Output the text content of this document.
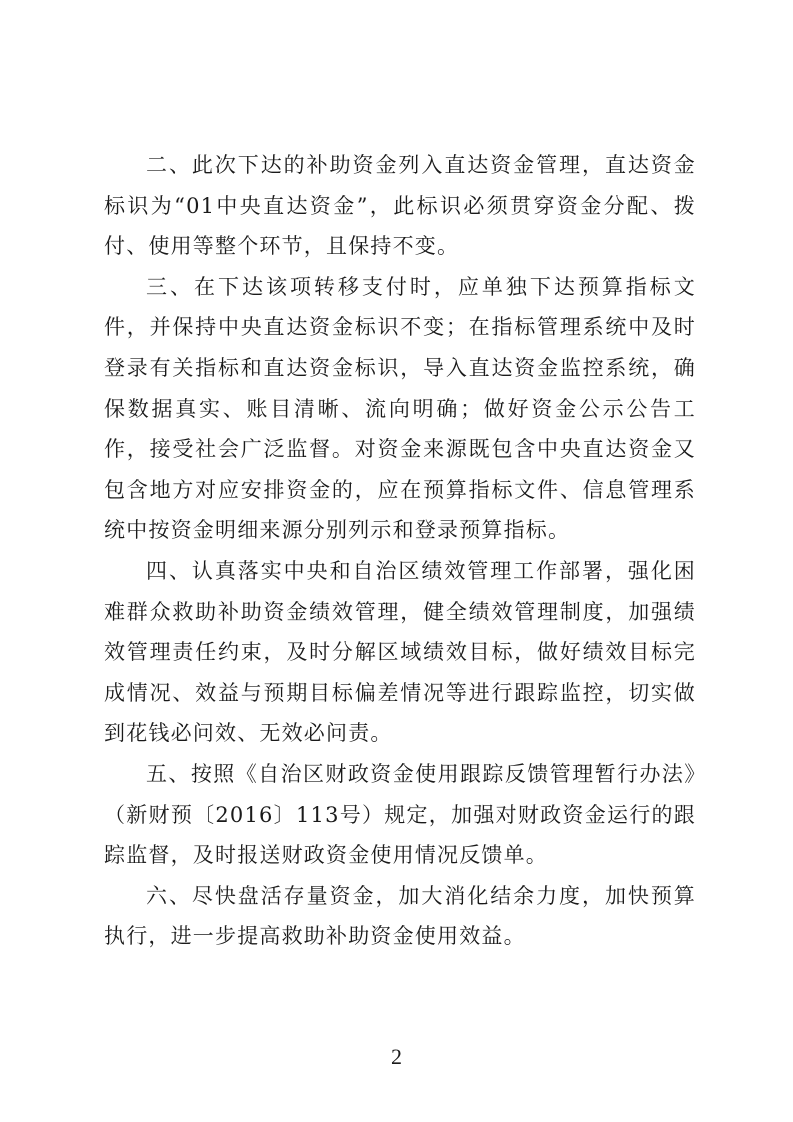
二、此次下达的补助资金列入直达资金管理，直达资金标识为“01中央直达资金”，此标识必须贯穿资金分配、拨付、使用等整个环节，且保持不变。

三、在下达该项转移支付时，应单独下达预算指标文件，并保持中央直达资金标识不变；在指标管理系统中及时登录有关指标和直达资金标识，导入直达资金监控系统，确保数据真实、账目清晰、流向明确；做好资金公示公告工作，接受社会广泛监督。对资金来源既包含中央直达资金又包含地方对应安排资金的，应在预算指标文件、信息管理系统中按资金明细来源分别列示和登录预算指标。

四、认真落实中央和自治区绩效管理工作部署，强化困难群众救助补助资金绩效管理，健全绩效管理制度，加强绩效管理责任约束，及时分解区域绩效目标，做好绩效目标完成情况、效益与预期目标偏差情况等进行跟踪监控，切实做到花钱必问效、无效必问责。

五、按照《自治区财政资金使用跟踪反馈管理暂行办法》（新财预〔2016〕113号）规定，加强对财政资金运行的跟踪监督，及时报送财政资金使用情况反馈单。

六、尽快盘活存量资金，加大消化结余力度，加快预算执行，进一步提高救助补助资金使用效益。

2
